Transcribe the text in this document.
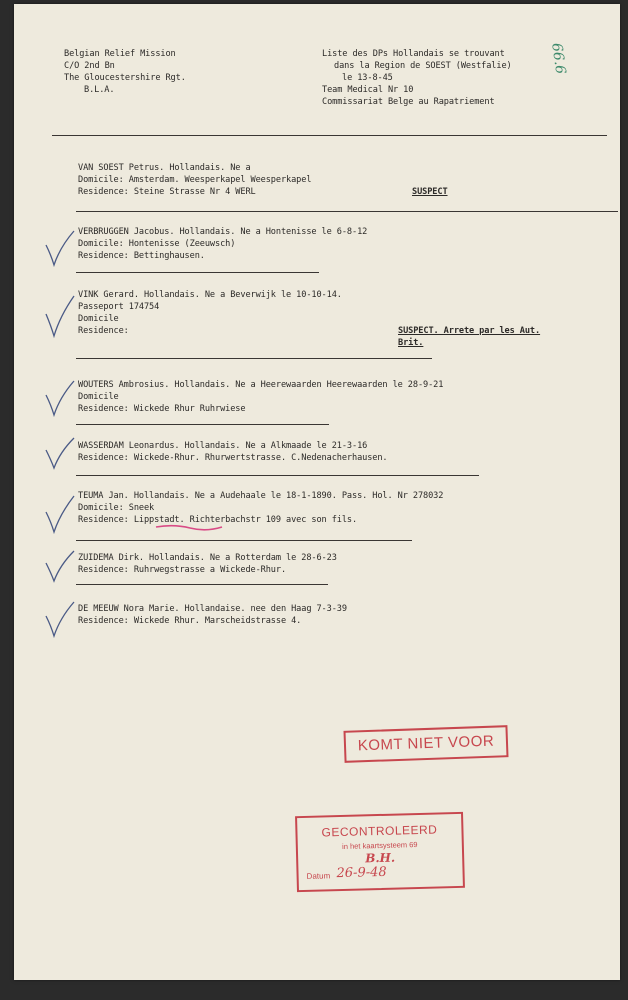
Belgian Relief Mission
C/O 2nd Bn
The Gloucestershire Rgt.
B.L.A.
Liste des DPs Hollandais se trouvant
dans la Region de SOEST (Westfalie)
le 13-8-45
Team Medical Nr 10
Commissariat Belge au Rapatriement
66.6
VAN SOEST Petrus. Hollandais. Ne a
Domicile: Amsterdam. Weesperkapel Weesperkapel
Residence: Steine Strasse Nr 4 WERL	SUSPECT
VERBRUGGEN Jacobus. Hollandais. Ne a Hontenisse le 6-8-12
Domicile: Hontenisse (Zeeuwsch)
Residence: Bettinghausen.
VINK Gerard. Hollandais. Ne a Beverwijk le 10-10-14.
Passeport 174754
Domicile
Residence:	SUSPECT. Arrete par les Aut.
Brit.
WOUTERS Ambrosius. Hollandais. Ne a Heerewaarden Heerewaarden le 28-9-21
Domicile
Residence: Wickede Rhur Ruhrwiese
WASSERDAM Leonardus. Hollandais. Ne a Alkmaade le 21-3-16
Residence: Wickede-Rhur. Rhurwertstrasse. C.Nedenacherhausen.
TEUMA Jan. Hollandais. Ne a Audehaale le 18-1-1890. Pass. Hol. Nr 278032
Domicile: Sneek
Residence: Lippstadt. Richterbachstr 109 avec son fils.
ZUIDEMA Dirk. Hollandais. Ne a Rotterdam le 28-6-23
Residence: Ruhrwegstrasse a Wickede-Rhur.
DE MEEUW Nora Marie. Hollandaise. nee den Haag 7-3-39
Residence: Wickede Rhur. Marscheidstrasse 4.
KOMT NIET VOOR
GECONTROLEERD
in het kaartsysteem 69
B.H.
Datum 26-9-48
